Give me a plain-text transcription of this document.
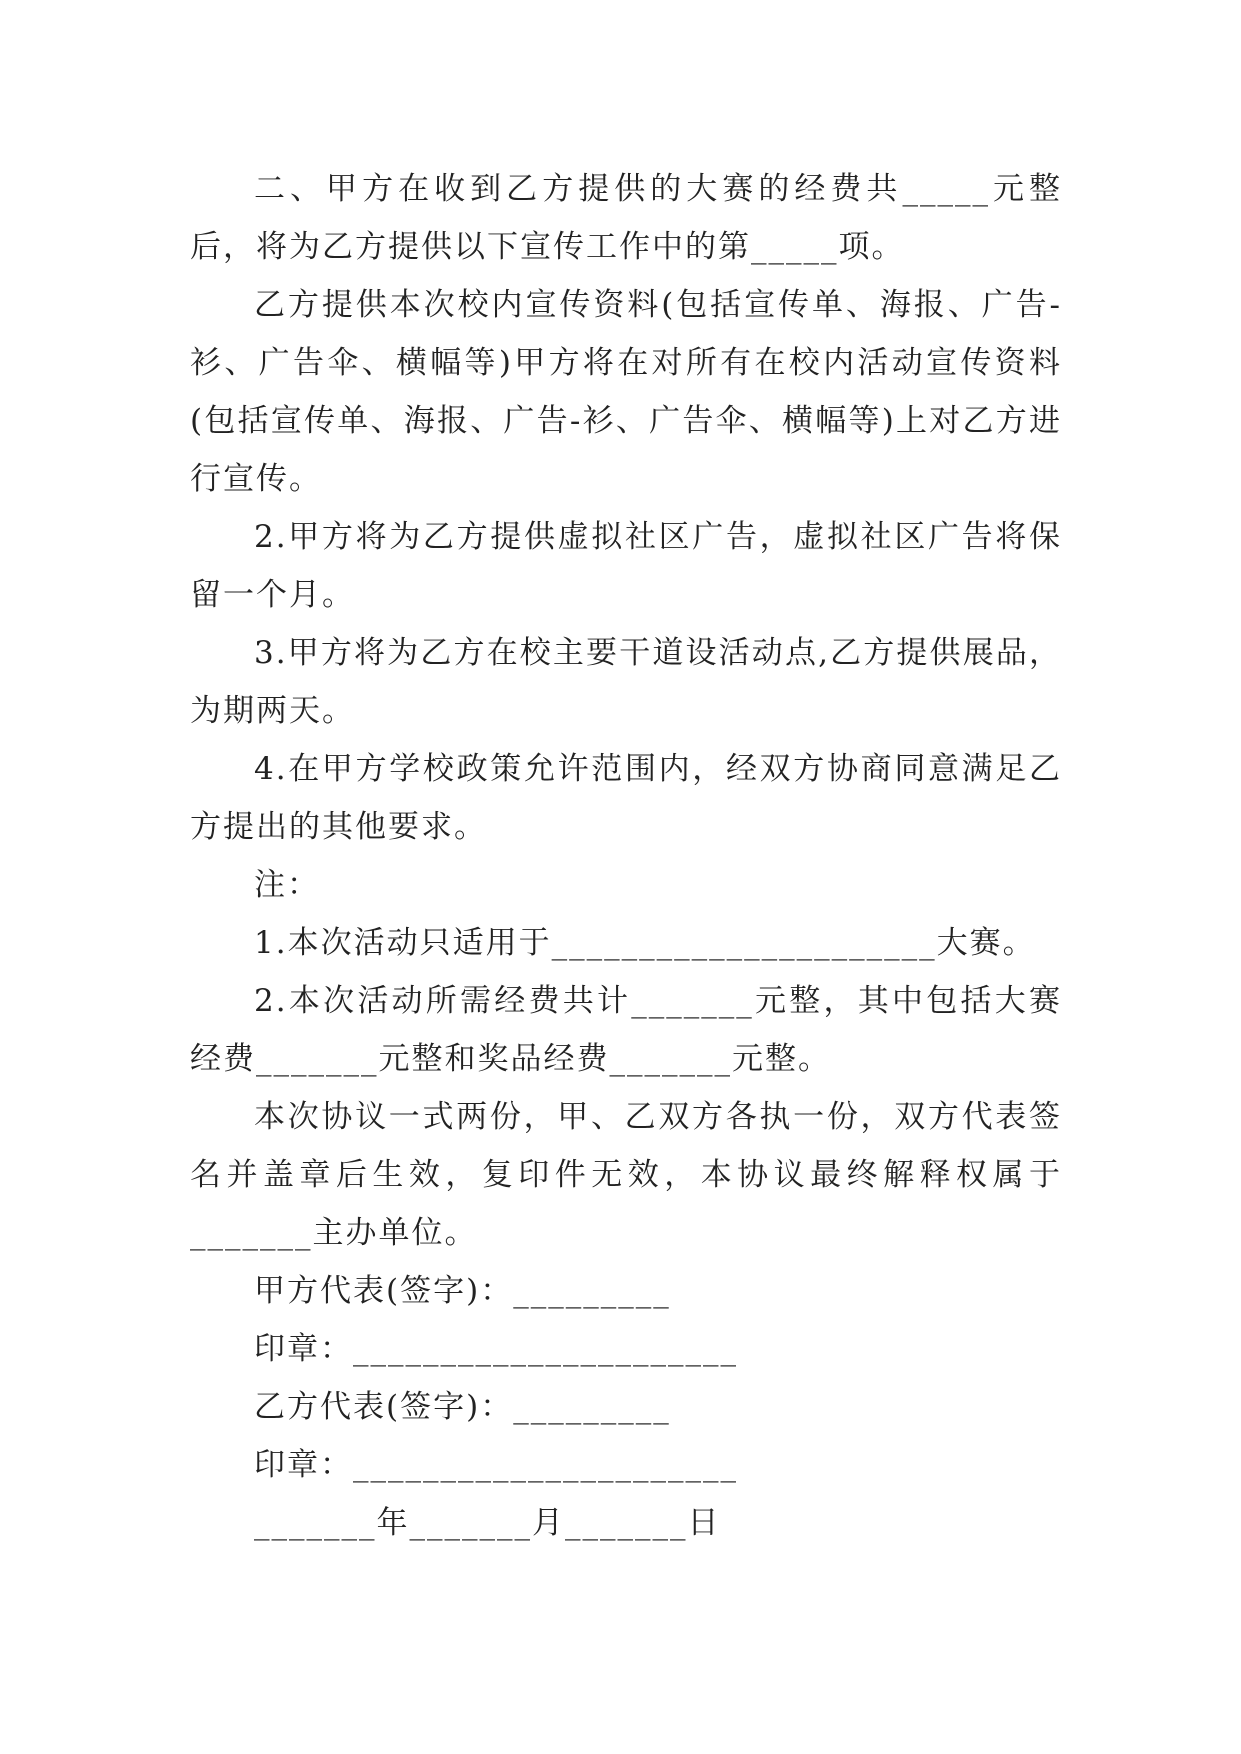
二、甲方在收到乙方提供的大赛的经费共_____元整后，将为乙方提供以下宣传工作中的第_____项。

乙方提供本次校内宣传资料(包括宣传单、海报、广告-衫、广告伞、横幅等)甲方将在对所有在校内活动宣传资料(包括宣传单、海报、广告-衫、广告伞、横幅等)上对乙方进行宣传。

2.甲方将为乙方提供虚拟社区广告，虚拟社区广告将保留一个月。

3.甲方将为乙方在校主要干道设活动点,乙方提供展品，为期两天。

4.在甲方学校政策允许范围内，经双方协商同意满足乙方提出的其他要求。

注：

1.本次活动只适用于______________________大赛。

2.本次活动所需经费共计_______元整，其中包括大赛经费_______元整和奖品经费_______元整。

本次协议一式两份，甲、乙双方各执一份，双方代表签名并盖章后生效，复印件无效，本协议最终解释权属于_______主办单位。

甲方代表(签字)：_________

印章：______________________

乙方代表(签字)：_________

印章：______________________

_______年_______月_______日
